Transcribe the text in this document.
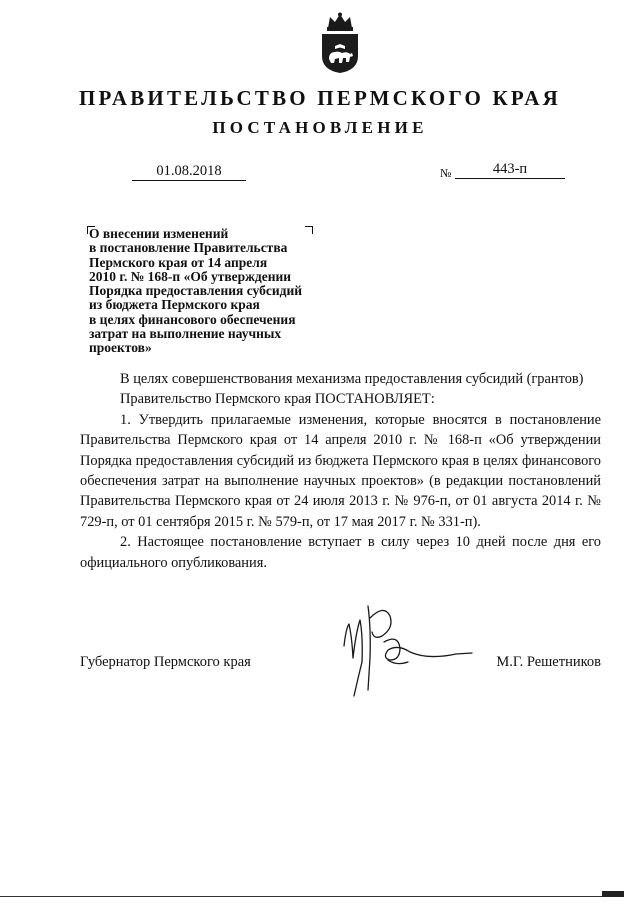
ПРАВИТЕЛЬСТВО ПЕРМСКОГО КРАЯ
ПОСТАНОВЛЕНИЕ
01.08.2018	№	443-п
О внесении изменений
в постановление Правительства
Пермского края от 14 апреля
2010 г. № 168-п «Об утверждении
Порядка предоставления субсидий
из бюджета Пермского края
в целях финансового обеспечения
затрат на выполнение научных
проектов»

В целях совершенствования механизма предоставления субсидий (грантов)

Правительство Пермского края ПОСТАНОВЛЯЕТ:

1. Утвердить прилагаемые изменения, которые вносятся в постановление Правительства Пермского края от 14 апреля 2010 г. № 168-п «Об утверждении Порядка предоставления субсидий из бюджета Пермского края в целях финансового обеспечения затрат на выполнение научных проектов» (в редакции постановлений Правительства Пермского края от 24 июля 2013 г. № 976-п, от 01 августа 2014 г. № 729-п, от 01 сентября 2015 г. № 579-п, от 17 мая 2017 г. № 331-п).

2. Настоящее постановление вступает в силу через 10 дней после дня его официального опубликования.

Губернатор Пермского края	М.Г. Решетников
